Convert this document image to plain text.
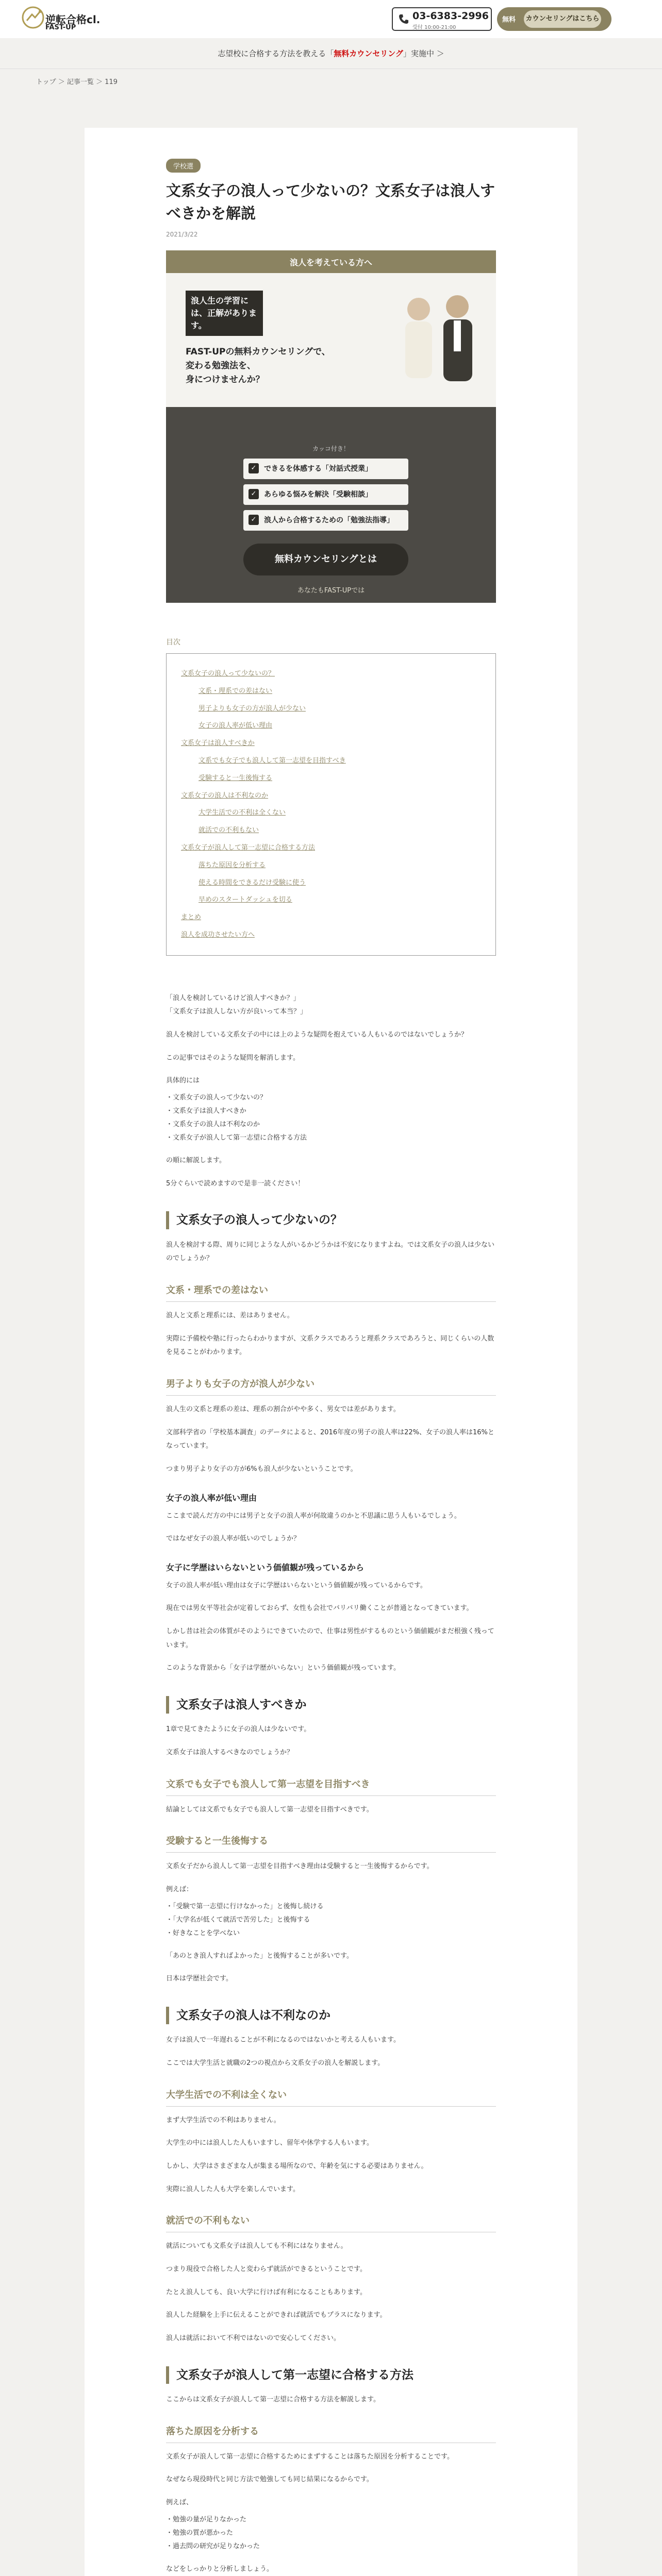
逆転合格cl.
FAST-UP
03-6383-2996
受付 10:00-21:00
無料 カウンセリングはこちら
志望校に合格する方法を教える「無料カウンセリング」実施中 ＞
トップ ＞ 記事一覧 ＞ 119
学校選
文系女子の浪人って少ないの？文系女子は浪人すべきかを解説
2021/3/22
浪人を考えている方へ
浪人生の学習には、正解があります。
FAST-UPの無料カウンセリングで、
変わる勉強法を、
身につけませんか？
カッコ付き！
✓ できるを体感する「対話式授業」
✓ あらゆる悩みを解決「受験相談」
✓ 浪人から合格するための「勉強法指導」
無料カウンセリングとは
あなたもFAST-UPでは
目次
文系女子の浪人って少ないの？
文系・理系での差はない
男子よりも女子の方が浪人が少ない
女子の浪人率が低い理由
文系女子は浪人すべきか
文系でも女子でも浪人して第一志望を目指すべき
受験すると一生後悔する
文系女子の浪人は不利なのか
大学生活での不利は全くない
就活での不利もない
文系女子が浪人して第一志望に合格する方法
落ちた原因を分析する
使える時間をできるだけ受験に使う
早めのスタートダッシュを切る
まとめ
浪人を成功させたい方へ

「浪人を検討しているけど浪人すべきか？」
「文系女子は浪人しない方が良いって本当？」

浪人を検討している文系女子の中には上のような疑問を抱えている人もいるのではないでしょうか？

この記事ではそのような疑問を解消します。

具体的には

・文系女子の浪人って少ないの？
・文系女子は浪人すべきか
・文系女子の浪人は不利なのか
・文系女子が浪人して第一志望に合格する方法

の順に解説します。

5分ぐらいで読めますので是非一読ください！

文系女子の浪人って少ないの？

浪人を検討する際、周りに同じような人がいるかどうかは不安になりますよね。では文系女子の浪人は少ないのでしょうか？

文系・理系での差はない

浪人と文系と理系には、差はありません。

実際に予備校や塾に行ったらわかりますが、文系クラスであろうと理系クラスであろうと、同じくらいの人数を見ることがわかります。

男子よりも女子の方が浪人が少ない

浪人生の文系と理系の差は、理系の割合がやや多く、男女では差があります。

文部科学省の「学校基本調査」のデータによると、2016年度の男子の浪人率は22%、女子の浪人率は16%となっています。

つまり男子より女子の方が6%も浪人が少ないということです。

女子の浪人率が低い理由

ここまで読んだ方の中には男子と女子の浪人率が何故違うのかと不思議に思う人もいるでしょう。

ではなぜ女子の浪人率が低いのでしょうか？

女子に学歴はいらないという価値観が残っているから

女子の浪人率が低い理由は女子に学歴はいらないという価値観が残っているからです。

現在では男女平等社会が定着しておらず、女性も会社でバリバリ働くことが普通となってきています。

しかし昔は社会の体質がそのようにできていたので、仕事は男性がするものという価値観がまだ根強く残っています。

このような背景から「女子は学歴がいらない」という価値観が残っています。

文系女子は浪人すべきか

1章で見てきたように女子の浪人は少ないです。

文系女子は浪人するべきなのでしょうか？

文系でも女子でも浪人して第一志望を目指すべき

結論としては文系でも女子でも浪人して第一志望を目指すべきです。

受験すると一生後悔する

文系女子だから浪人して第一志望を目指すべき理由は受験すると一生後悔するからです。

例えば：

・「受験で第一志望に行けなかった」と後悔し続ける
・「大学名が低くて就活で苦労した」と後悔する
・好きなことを学べない

「あのとき浪人すればよかった」と後悔することが多いです。

日本は学歴社会です。

文系女子の浪人は不利なのか

女子は浪人で一年遅れることが不利になるのではないかと考える人もいます。

ここでは大学生活と就職の2つの視点から文系女子の浪人を解説します。

大学生活での不利は全くない

まず大学生活での不利はありません。

大学生の中には浪人した人もいますし、留年や休学する人もいます。

しかし、大学はさまざまな人が集まる場所なので、年齢を気にする必要はありません。

実際に浪人した人も大学を楽しんでいます。

就活での不利もない

就活についても文系女子は浪人しても不利にはなりません。

つまり現役で合格した人と変わらず就活ができるということです。

たとえ浪人しても、良い大学に行けば有利になることもあります。

浪人した経験を上手に伝えることができれば就活でもプラスになります。

浪人は就活において不利ではないので安心してください。

文系女子が浪人して第一志望に合格する方法

ここからは文系女子が浪人して第一志望に合格する方法を解説します。

落ちた原因を分析する

文系女子が浪人して第一志望に合格するためにまずすることは落ちた原因を分析することです。

なぜなら現役時代と同じ方法で勉強しても同じ結果になるからです。

例えば、

・勉強の量が足りなかった
・勉強の質が悪かった
・過去問の研究が足りなかった

などをしっかりと分析しましょう。
